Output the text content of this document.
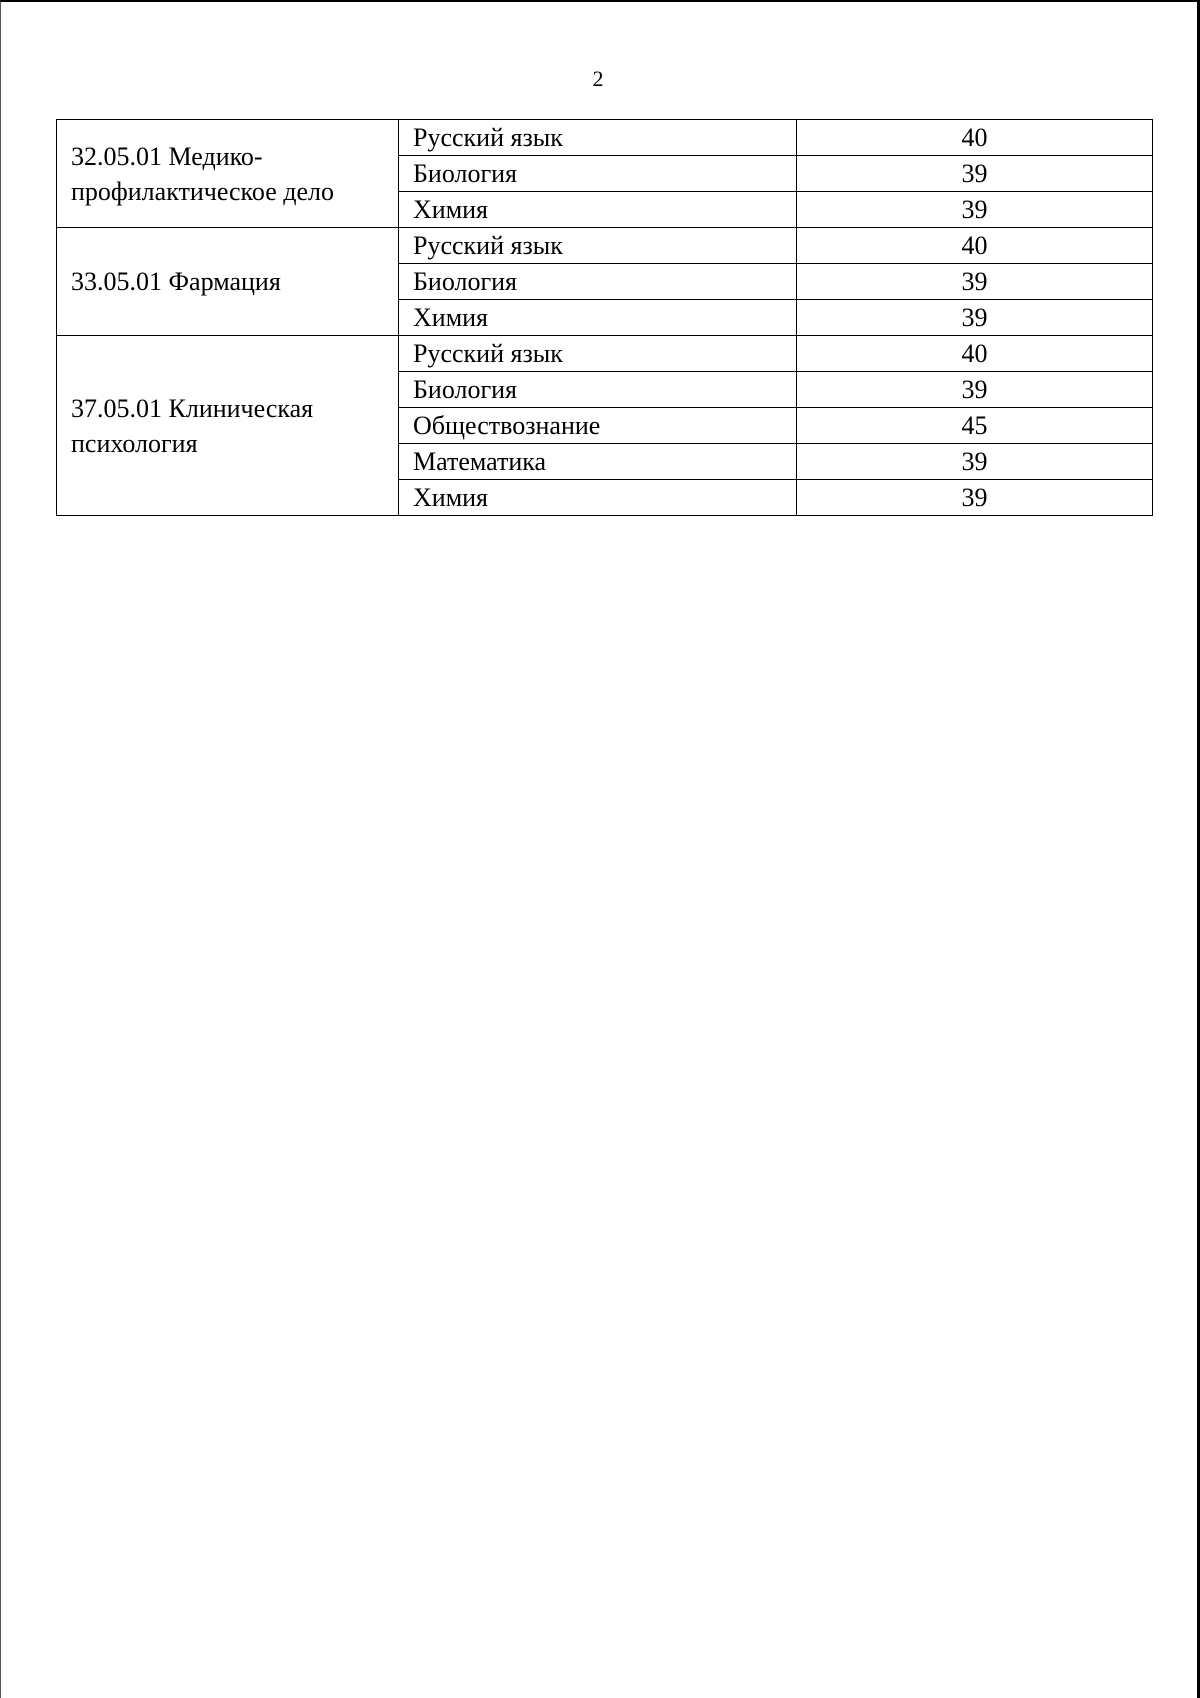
2
32.05.01 Медико-профилактическое дело	Русский язык	40
	Биология	39
	Химия	39
33.05.01 Фармация	Русский язык	40
	Биология	39
	Химия	39
37.05.01 Клиническая психология	Русский язык	40
	Биология	39
	Обществознание	45
	Математика	39
	Химия	39
